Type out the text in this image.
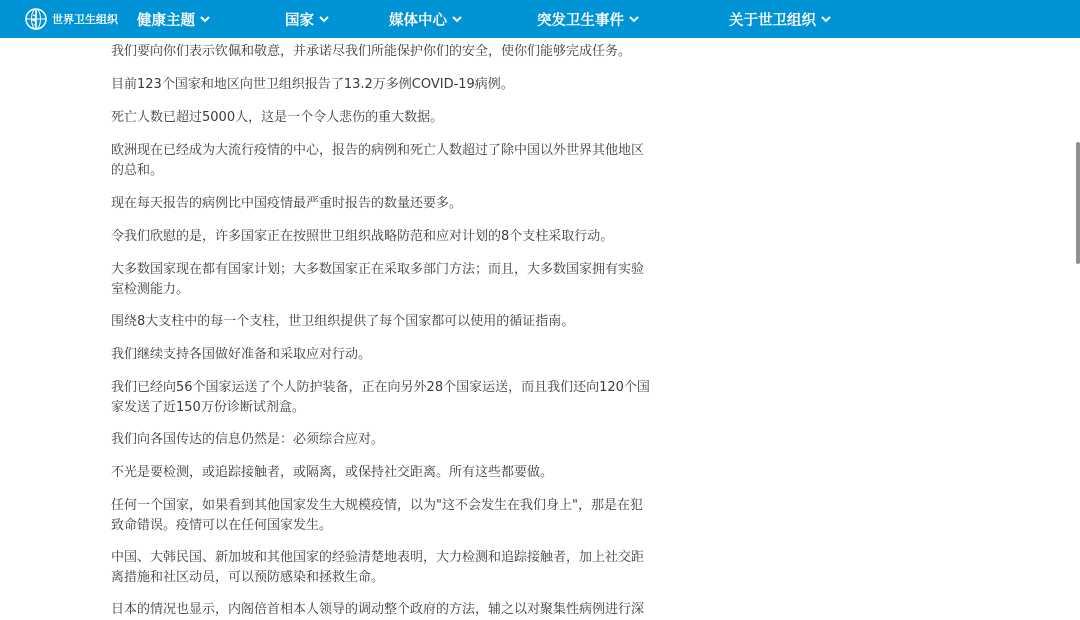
世界卫生组织 健康主题	国家	媒体中心	突发卫生事件	关于世卫组织

我们要向你们表示钦佩和敬意，并承诺尽我们所能保护你们的安全，使你们能够完成任务。

目前123个国家和地区向世卫组织报告了13.2万多例COVID-19病例。

死亡人数已超过5000人，这是一个令人悲伤的重大数据。

欧洲现在已经成为大流行疫情的中心，报告的病例和死亡人数超过了除中国以外世界其他地区的总和。

现在每天报告的病例比中国疫情最严重时报告的数量还要多。

令我们欣慰的是，许多国家正在按照世卫组织战略防范和应对计划的8个支柱采取行动。

大多数国家现在都有国家计划；大多数国家正在采取多部门方法；而且，大多数国家拥有实验室检测能力。

围绕8大支柱中的每一个支柱，世卫组织提供了每个国家都可以使用的循证指南。

我们继续支持各国做好准备和采取应对行动。

我们已经向56个国家运送了个人防护装备，正在向另外28个国家运送，而且我们还向120个国家发送了近150万份诊断试剂盒。

我们向各国传达的信息仍然是：必须综合应对。

不光是要检测，或追踪接触者，或隔离，或保持社交距离。所有这些都要做。

任何一个国家，如果看到其他国家发生大规模疫情，以为"这不会发生在我们身上"，那是在犯致命错误。疫情可以在任何国家发生。

中国、大韩民国、新加坡和其他国家的经验清楚地表明，大力检测和追踪接触者，加上社交距离措施和社区动员，可以预防感染和拯救生命。

日本的情况也显示，内阁倍首相本人领导的调动整个政府的方法，辅之以对聚集性病例进行深
